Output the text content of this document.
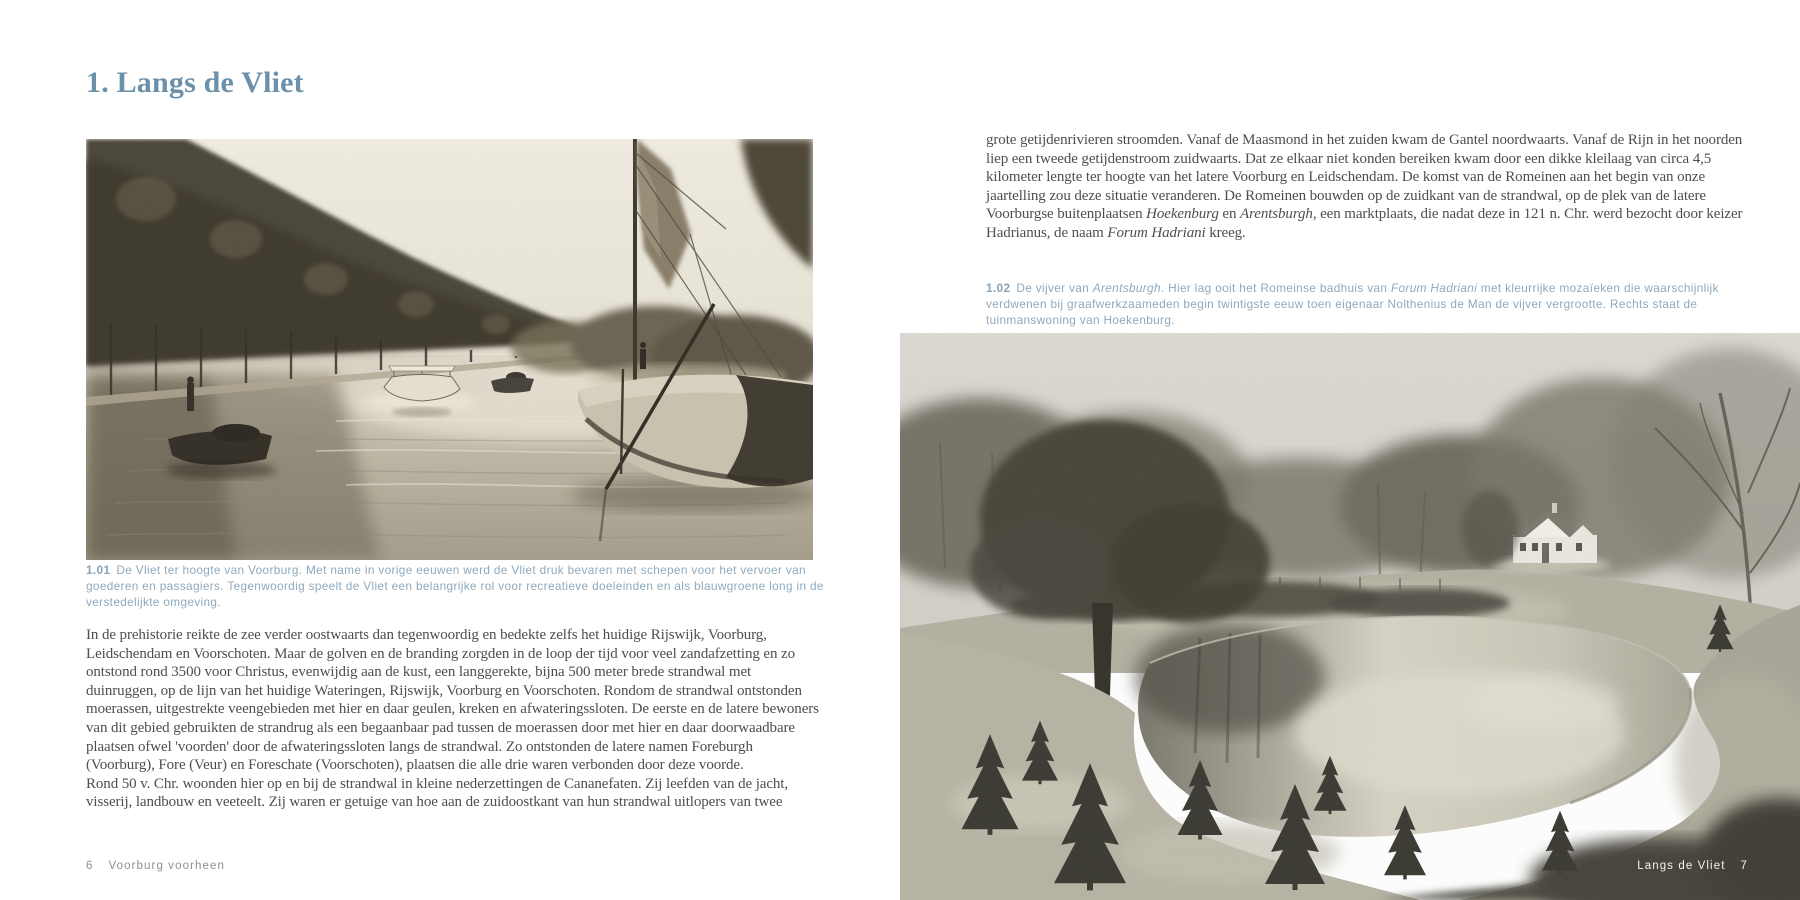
1. Langs de Vliet

1.01 De Vliet ter hoogte van Voorburg. Met name in vorige eeuwen werd de Vliet druk bevaren met schepen voor het vervoer van goederen en passagiers. Tegenwoordig speelt de Vliet een belangrijke rol voor recreatieve doeleinden en als blauwgroene long in de verstedelijkte omgeving.

In de prehistorie reikte de zee verder oostwaarts dan tegenwoordig en bedekte zelfs het huidige Rijswijk, Voorburg, Leidschendam en Voorschoten. Maar de golven en de branding zorgden in de loop der tijd voor veel zandafzetting en zo ontstond rond 3500 voor Christus, evenwijdig aan de kust, een langgerekte, bijna 500 meter brede strandwal met duinruggen, op de lijn van het huidige Wateringen, Rijswijk, Voorburg en Voorschoten. Rondom de strandwal ontstonden moerassen, uitgestrekte veengebieden met hier en daar geulen, kreken en afwateringssloten. De eerste en de latere bewoners van dit gebied gebruikten de strandrug als een begaanbaar pad tussen de moerassen door met hier en daar doorwaadbare plaatsen ofwel 'voorden' door de afwateringssloten langs de strandwal. Zo ontstonden de latere namen Foreburgh (Voorburg), Fore (Veur) en Foreschate (Voorschoten), plaatsen die alle drie waren verbonden door deze voorde.

Rond 50 v. Chr. woonden hier op en bij de strandwal in kleine nederzettingen de Cananefaten. Zij leefden van de jacht, visserij, landbouw en veeteelt. Zij waren er getuige van hoe aan de zuidoostkant van hun strandwal uitlopers van twee

6 Voorburg voorheen

grote getijdenrivieren stroomden. Vanaf de Maasmond in het zuiden kwam de Gantel noordwaarts. Vanaf de Rijn in het noorden liep een tweede getijdenstroom zuidwaarts. Dat ze elkaar niet konden bereiken kwam door een dikke kleilaag van circa 4,5 kilometer lengte ter hoogte van het latere Voorburg en Leidschendam. De komst van de Romeinen aan het begin van onze jaartelling zou deze situatie veranderen. De Romeinen bouwden op de zuidkant van de strandwal, op de plek van de latere Voorburgse buitenplaatsen Hoekenburg en Arentsburgh, een marktplaats, die nadat deze in 121 n. Chr. werd bezocht door keizer Hadrianus, de naam Forum Hadriani kreeg.

1.02 De vijver van Arentsburgh. Hier lag ooit het Romeinse badhuis van Forum Hadriani met kleurrijke mozaïeken die waarschijnlijk verdwenen bij graafwerkzaameden begin twintigste eeuw toen eigenaar Nolthenius de Man de vijver vergrootte. Rechts staat de tuinmanswoning van Hoekenburg.

Langs de Vliet 7
